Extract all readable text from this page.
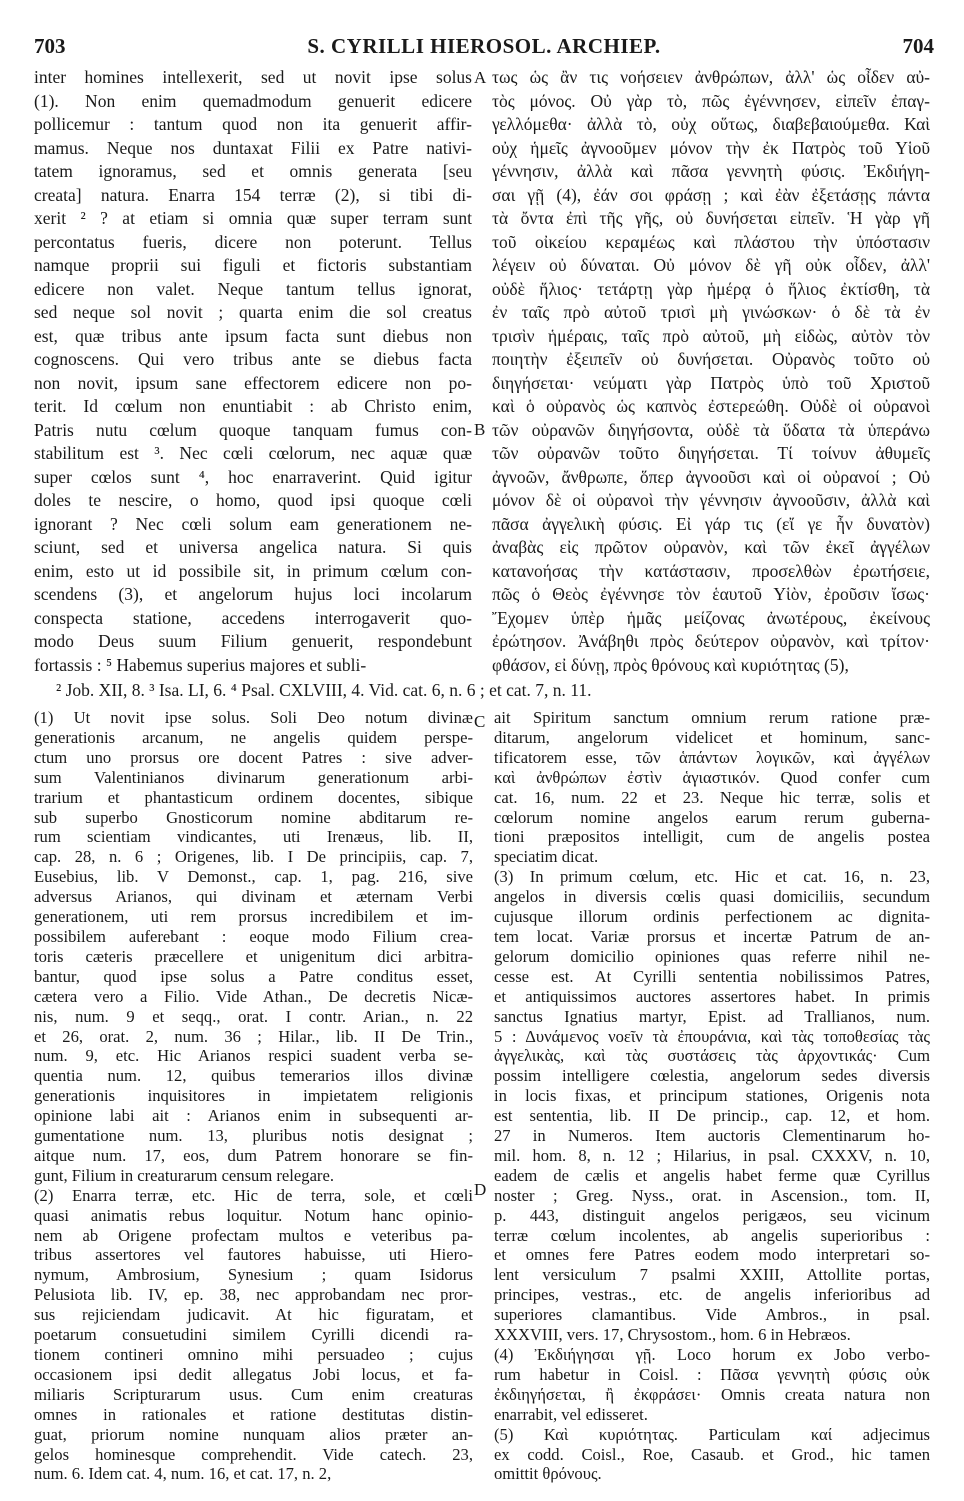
703	S. CYRILLI HIEROSOL. ARCHIEP.	704
inter homines intellexerit, sed ut novit ipse solus
(1). Non enim quemadmodum genuerit edicere
pollicemur : tantum quod non ita genuerit affir-
mamus. Neque nos duntaxat Filii ex Patre nativi-
tatem ignoramus, sed et omnis generata [seu
creata] natura. Enarra 154 terræ (2), si tibi di-
xerit ² ? at etiam si omnia quæ super terram sunt
percontatus fueris, dicere non poterunt. Tellus
namque proprii sui figuli et fictoris substantiam
edicere non valet. Neque tantum tellus ignorat,
sed neque sol novit ; quarta enim die sol creatus
est, quæ tribus ante ipsum facta sunt diebus non
cognoscens. Qui vero tribus ante se diebus facta
non novit, ipsum sane effectorem edicere non po-
terit. Id cœlum non enuntiabit : ab Christo enim,
Patris nutu cœlum quoque tanquam fumus con-
stabilitum est ³. Nec cœli cœlorum, nec aquæ quæ
super cœlos sunt ⁴, hoc enarraverint. Quid igitur
doles te nescire, o homo, quod ipsi quoque cœli
ignorant ? Nec cœli solum eam generationem ne-
sciunt, sed et universa angelica natura. Si quis
enim, esto ut id possibile sit, in primum cœlum con-
scendens (3), et angelorum hujus loci incolarum
conspecta statione, accedens interrogaverit quo-
modo Deus suum Filium genuerit, respondebunt
fortassis : ⁵ Habemus superius majores et subli-
τως ὡς ἂν τις νοήσειεν ἀνθρώπων, ἀλλ' ὡς οἶδεν αὐ-
τὸς μόνος. Οὐ γὰρ τὸ, πῶς ἐγέννησεν, εἰπεῖν ἐπαγ-
γελλόμεθα· ἀλλὰ τὸ, οὐχ οὕτως, διαβεβαιούμεθα. Καὶ
οὐχ ἡμεῖς ἀγνοοῦμεν μόνον τὴν ἐκ Πατρὸς τοῦ Υἱοῦ
γέννησιν, ἀλλὰ καὶ πᾶσα γεννητὴ φύσις. Ἐκδιήγη-
σαι γῇ (4), ἐάν σοι φράσῃ ; καὶ ἐὰν ἐξετάσῃς πάντα
τὰ ὄντα ἐπὶ τῆς γῆς, οὐ δυνήσεται εἰπεῖν. Ἡ γὰρ γῆ
τοῦ οἰκείου κεραμέως καὶ πλάστου τὴν ὑπόστασιν
λέγειν οὐ δύναται. Οὐ μόνον δὲ γῆ οὐκ οἶδεν, ἀλλ'
οὐδὲ ἥλιος· τετάρτῃ γὰρ ἡμέρᾳ ὁ ἥλιος ἐκτίσθη, τὰ
ἐν ταῖς πρὸ αὐτοῦ τρισὶ μὴ γινώσκων· ὁ δὲ τὰ ἐν
τρισὶν ἡμέραις, ταῖς πρὸ αὐτοῦ, μὴ εἰδὼς, αὐτὸν τὸν
ποιητὴν ἐξειπεῖν οὐ δυνήσεται. Οὐρανὸς τοῦτο οὐ
διηγήσεται· νεύματι γὰρ Πατρὸς ὑπὸ τοῦ Χριστοῦ
καὶ ὁ οὐρανὸς ὡς καπνὸς ἐστερεώθη. Οὐδὲ οἱ οὐρανοὶ
τῶν οὐρανῶν διηγήσοντα, οὐδὲ τὰ ὕδατα τὰ ὑπεράνω
τῶν οὐρανῶν τοῦτο διηγήσεται. Τί τοίνυν ἀθυμεῖς
ἀγνοῶν, ἄνθρωπε, ὅπερ ἀγνοοῦσι καὶ οἱ οὐρανοί ; Οὐ
μόνον δὲ οἱ οὐρανοὶ τὴν γέννησιν ἀγνοοῦσιν, ἀλλὰ καὶ
πᾶσα ἀγγελικὴ φύσις. Εἰ γάρ τις (εἴ γε ἦν δυνατὸν)
ἀναβὰς εἰς πρῶτον οὐρανὸν, καὶ τῶν ἐκεῖ ἀγγέλων
κατανοήσας τὴν κατάστασιν, προσελθὼν ἐρωτήσειε,
πῶς ὁ Θεὸς ἐγέννησε τὸν ἑαυτοῦ Υἱὸν, ἐροῦσιν ἴσως·
Ἔχομεν ὑπὲρ ἡμᾶς μείζονας ἀνωτέρους, ἐκείνους
ἐρώτησον. Ἀνάβηθι πρὸς δεύτερον οὐρανὸν, καὶ τρίτον·
φθάσον, εἰ δύνῃ, πρὸς θρόνους καὶ κυριότητας (5),
A
B
C
D
² Job. XII, 8. ³ Isa. LI, 6. ⁴ Psal. CXLVIII, 4. Vid. cat. 6, n. 6 ; et cat. 7, n. 11.
(1) Ut novit ipse solus. Soli Deo notum divinæ
generationis arcanum, ne angelis quidem perspe-
ctum uno prorsus ore docent Patres : sive adver-
sum Valentinianos divinarum generationum arbi-
trarium et phantasticum ordinem docentes, sibique
sub superbo Gnosticorum nomine abditarum re-
rum scientiam vindicantes, uti Irenæus, lib. II,
cap. 28, n. 6 ; Origenes, lib. I De principiis, cap. 7,
Eusebius, lib. V Demonst., cap. 1, pag. 216, sive
adversus Arianos, qui divinam et æternam Verbi
generationem, uti rem prorsus incredibilem et im-
possibilem auferebant : eoque modo Filium crea-
toris cæteris præcellere et unigenitum dici arbitra-
bantur, quod ipse solus a Patre conditus esset,
cætera vero a Filio. Vide Athan., De decretis Nicæ-
nis, num. 9 et seqq., orat. I contr. Arian., n. 22
et 26, orat. 2, num. 36 ; Hilar., lib. II De Trin.,
num. 9, etc. Hic Arianos respici suadent verba se-
quentia num. 12, quibus temerarios illos divinæ
generationis inquisitores in impietatem religionis
opinione labi ait : Arianos enim in subsequenti ar-
gumentatione num. 13, pluribus notis designat ;
aitque num. 17, eos, dum Patrem honorare se fin-
gunt, Filium in creaturarum censum relegare.
(2) Enarra terræ, etc. Hic de terra, sole, et cœli
quasi animatis rebus loquitur. Notum hanc opinio-
nem ab Origene profectam multos e veteribus pa-
tribus assertores vel fautores habuisse, uti Hiero-
nymum, Ambrosium, Synesium ; quam Isidorus
Pelusiota lib. IV, ep. 38, nec approbandam nec pror-
sus rejiciendam judicavit. At hic figuratam, et
poetarum consuetudini similem Cyrilli dicendi ra-
tionem contineri omnino mihi persuadeo ; cujus
occasionem ipsi dedit allegatus Jobi locus, et fa-
miliaris Scripturarum usus. Cum enim creaturas
omnes in rationales et ratione destitutas distin-
guat, priorum nomine nunquam alios præter an-
gelos hominesque comprehendit. Vide catech. 23,
num. 6. Idem cat. 4, num. 16, et cat. 17, n. 2,
ait Spiritum sanctum omnium rerum ratione præ-
ditarum, angelorum videlicet et hominum, sanc-
tificatorem esse, τῶν ἁπάντων λογικῶν, καὶ ἀγγέλων
καὶ ἀνθρώπων ἐστὶν ἁγιαστικόν. Quod confer cum
cat. 16, num. 22 et 23. Neque hic terræ, solis et
cœlorum nomine angelos earum rerum guberna-
tioni præpositos intelligit, cum de angelis postea
speciatim dicat.
(3) In primum cœlum, etc. Hic et cat. 16, n. 23,
angelos in diversis cœlis quasi domiciliis, secundum
cujusque illorum ordinis perfectionem ac dignita-
tem locat. Variæ prorsus et incertæ Patrum de an-
gelorum domicilio opiniones quas referre nihil ne-
cesse est. At Cyrilli sententia nobilissimos Patres,
et antiquissimos auctores assertores habet. In primis
sanctus Ignatius martyr, Epist. ad Trallianos, num.
5 : Δυνάμενος νοεῖν τὰ ἐπουράνια, καὶ τὰς τοποθεσίας τὰς
ἀγγελικὰς, καὶ τὰς συστάσεις τὰς ἀρχοντικάς· Cum
possim intelligere cœlestia, angelorum sedes diversis
in locis fixas, et principum stationes, Origenis nota
est sententia, lib. II De princip., cap. 12, et hom.
27 in Numeros. Item auctoris Clementinarum ho-
mil. hom. 8, n. 12 ; Hilarius, in psal. CXXXV, n. 10,
eadem de cælis et angelis habet ferme quæ Cyrillus
noster ; Greg. Nyss., orat. in Ascension., tom. II,
p. 443, distinguit angelos perigæos, seu vicinum
terræ cœlum incolentes, ab angelis superioribus :
et omnes fere Patres eodem modo interpretari so-
lent versiculum 7 psalmi XXIII, Attollite portas,
principes, vestras., etc. de angelis inferioribus ad
superiores clamantibus. Vide Ambros., in psal.
XXXVIII, vers. 17, Chrysostom., hom. 6 in Hebræos.
(4) Ἐκδιήγησαι γῇ. Loco horum ex Jobo verbo-
rum habetur in Coisl. : Πᾶσα γεννητὴ φύσις οὐκ
ἐκδιηγήσεται, ἢ ἐκφράσει· Omnis creata natura non
enarrabit, vel edisseret.
(5) Καὶ κυριότητας. Particulam καί adjecimus
ex codd. Coisl., Roe, Casaub. et Grod., hic tamen
omittit θρόνους.
